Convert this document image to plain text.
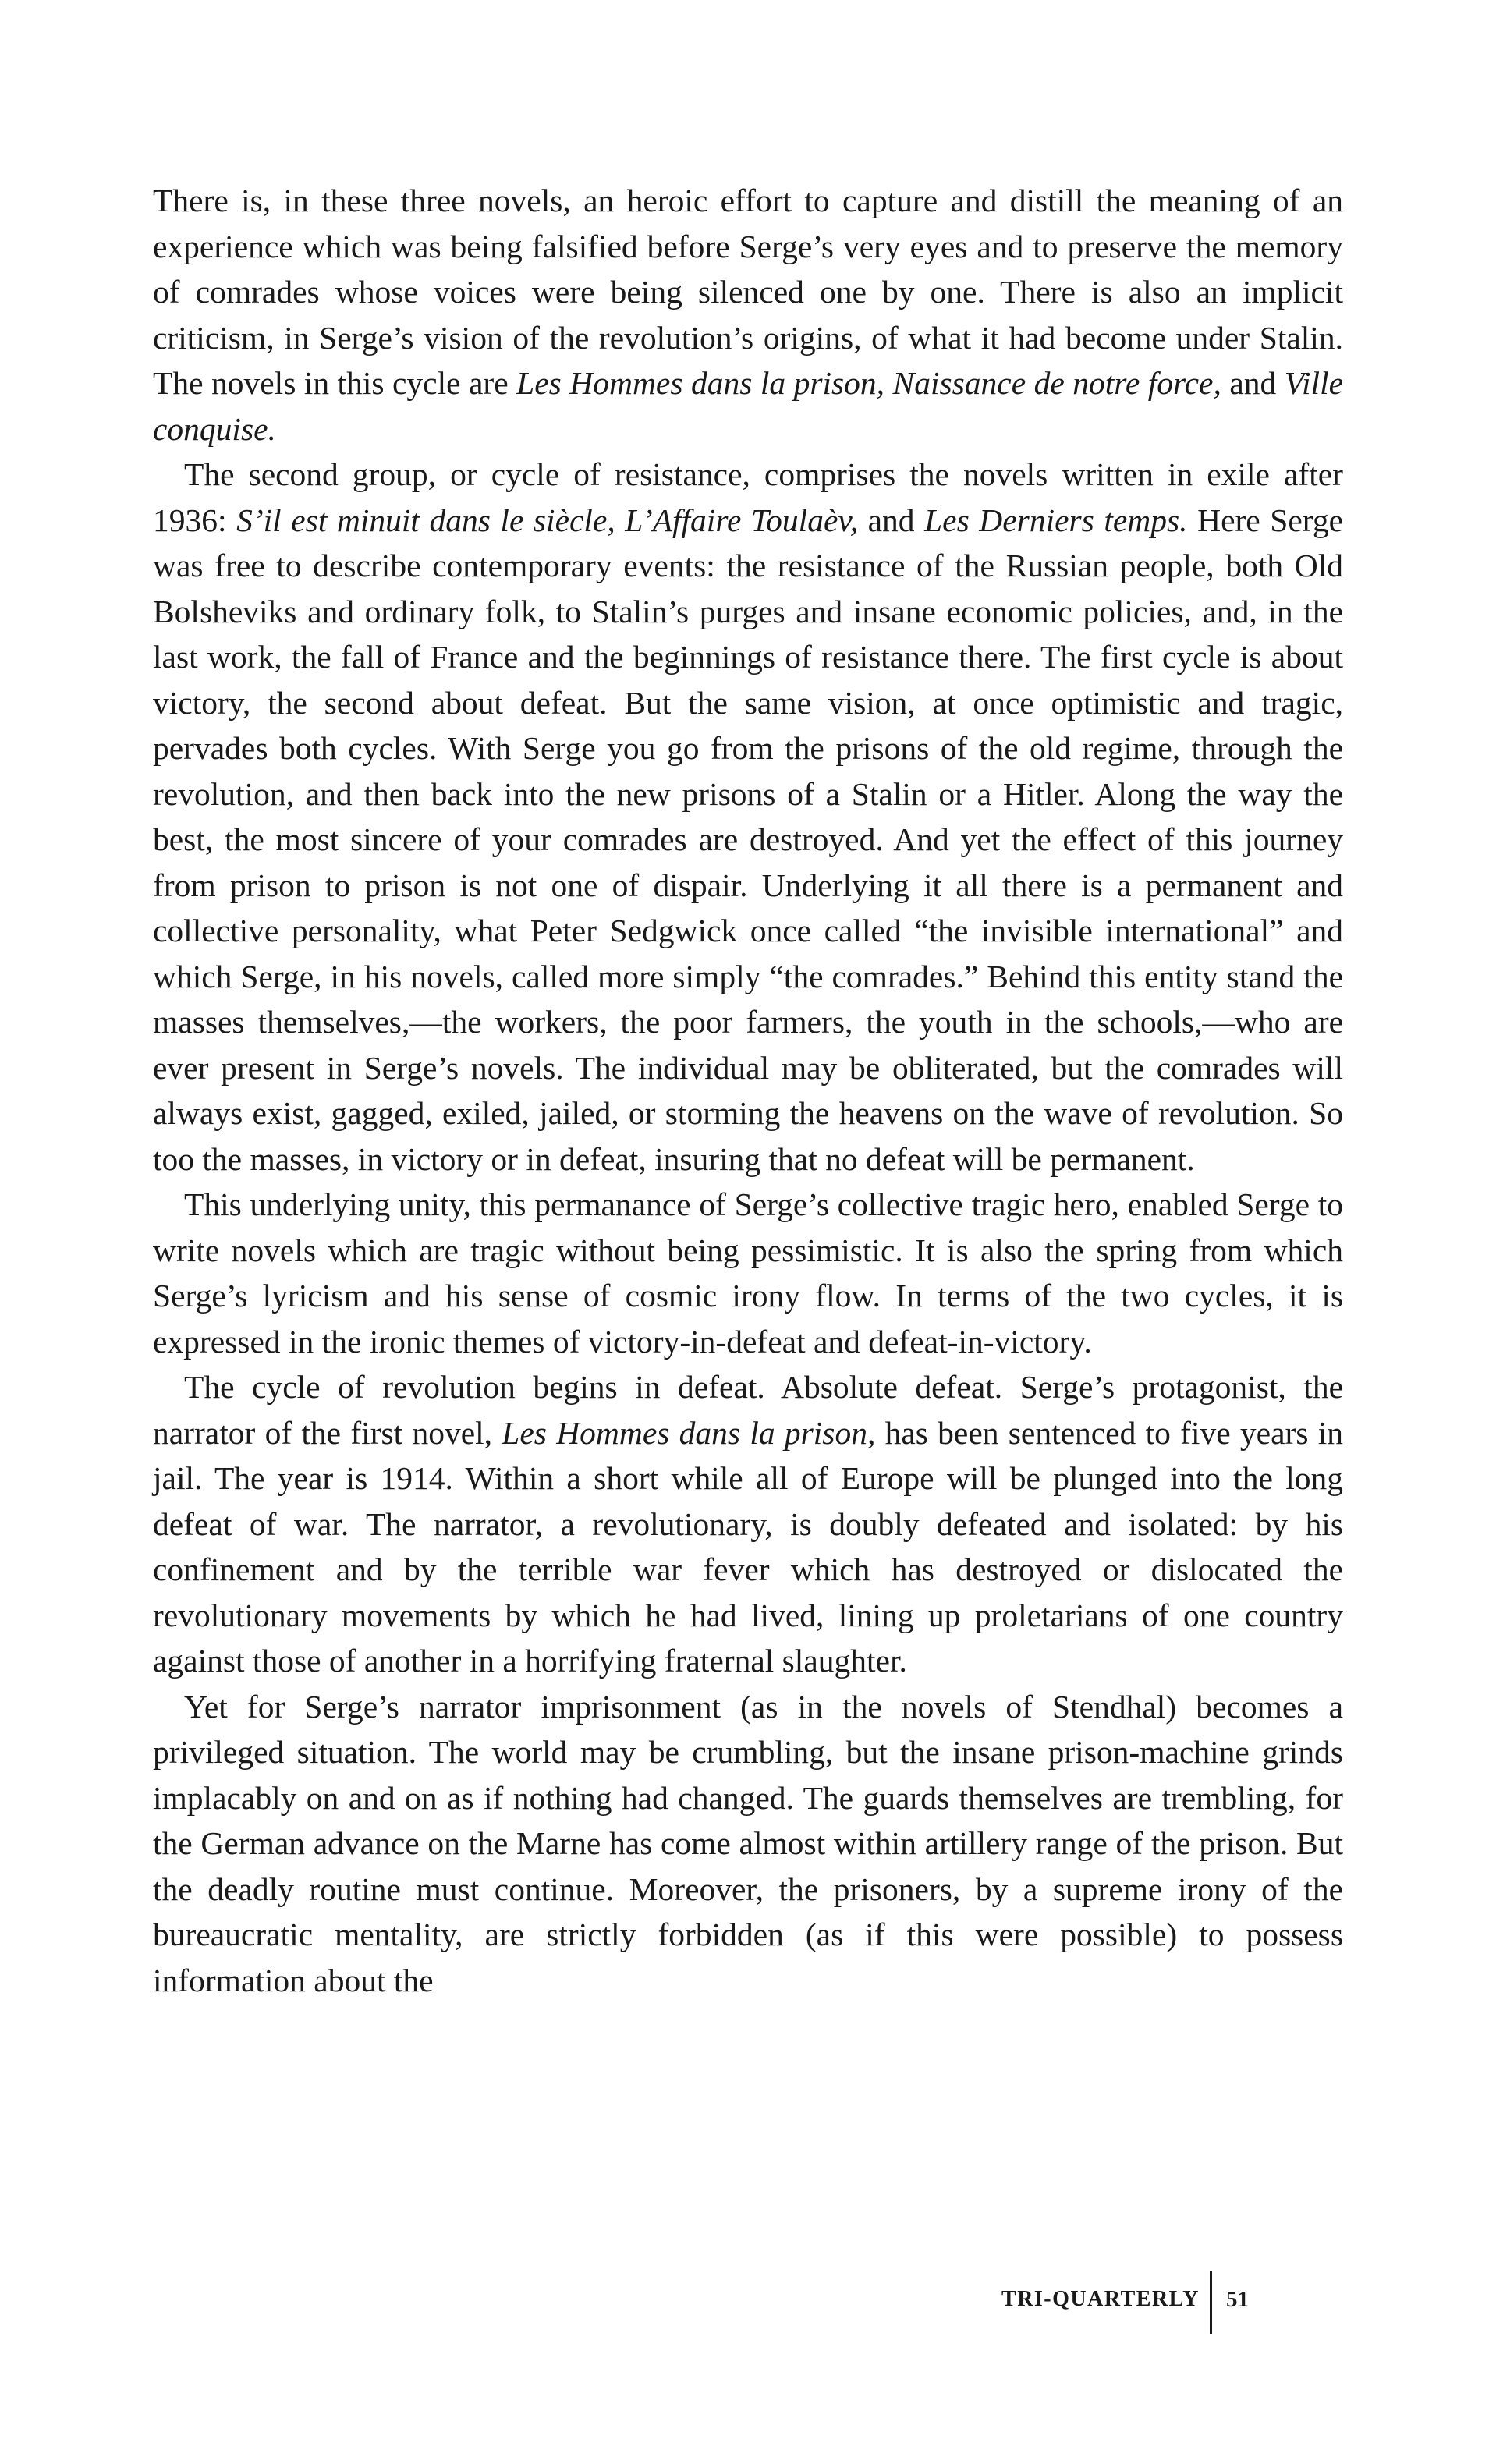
There is, in these three novels, an heroic effort to capture and distill the meaning of an experience which was being falsified before Serge’s very eyes and to preserve the memory of comrades whose voices were being silenced one by one. There is also an implicit criticism, in Serge’s vision of the revolution’s origins, of what it had become under Stalin. The novels in this cycle are Les Hommes dans la prison, Naissance de notre force, and Ville conquise.

The second group, or cycle of resistance, comprises the novels written in exile after 1936: S’il est minuit dans le siècle, L’Affaire Toulaèv, and Les Derniers temps. Here Serge was free to describe contemporary events: the resistance of the Russian people, both Old Bolsheviks and ordinary folk, to Stalin’s purges and insane economic policies, and, in the last work, the fall of France and the beginnings of resistance there. The first cycle is about victory, the second about defeat. But the same vision, at once optimistic and tragic, pervades both cycles. With Serge you go from the prisons of the old regime, through the revolution, and then back into the new prisons of a Stalin or a Hitler. Along the way the best, the most sincere of your comrades are destroyed. And yet the effect of this journey from prison to prison is not one of dispair. Underlying it all there is a permanent and collective personality, what Peter Sedgwick once called “the invisible international” and which Serge, in his novels, called more simply “the comrades.” Behind this entity stand the masses themselves,—the workers, the poor farmers, the youth in the schools,—who are ever present in Serge’s novels. The individual may be obliterated, but the comrades will always exist, gagged, exiled, jailed, or storming the heavens on the wave of revolution. So too the masses, in victory or in defeat, insuring that no defeat will be permanent.

This underlying unity, this permanance of Serge’s collective tragic hero, enabled Serge to write novels which are tragic without being pessimistic. It is also the spring from which Serge’s lyricism and his sense of cosmic irony flow. In terms of the two cycles, it is expressed in the ironic themes of victory-in-defeat and defeat-in-victory.

The cycle of revolution begins in defeat. Absolute defeat. Serge’s protagonist, the narrator of the first novel, Les Hommes dans la prison, has been sentenced to five years in jail. The year is 1914. Within a short while all of Europe will be plunged into the long defeat of war. The narrator, a revolutionary, is doubly defeated and isolated: by his confinement and by the terrible war fever which has destroyed or dislocated the revolutionary movements by which he had lived, lining up proletarians of one country against those of another in a horrifying fraternal slaughter.

Yet for Serge’s narrator imprisonment (as in the novels of Stendhal) becomes a privileged situation. The world may be crumbling, but the insane prison-machine grinds implacably on and on as if nothing had changed. The guards themselves are trembling, for the German advance on the Marne has come almost within artillery range of the prison. But the deadly routine must continue. Moreover, the prisoners, by a supreme irony of the bureaucratic mentality, are strictly forbidden (as if this were possible) to possess information about the

TRI-QUARTERLY 51
